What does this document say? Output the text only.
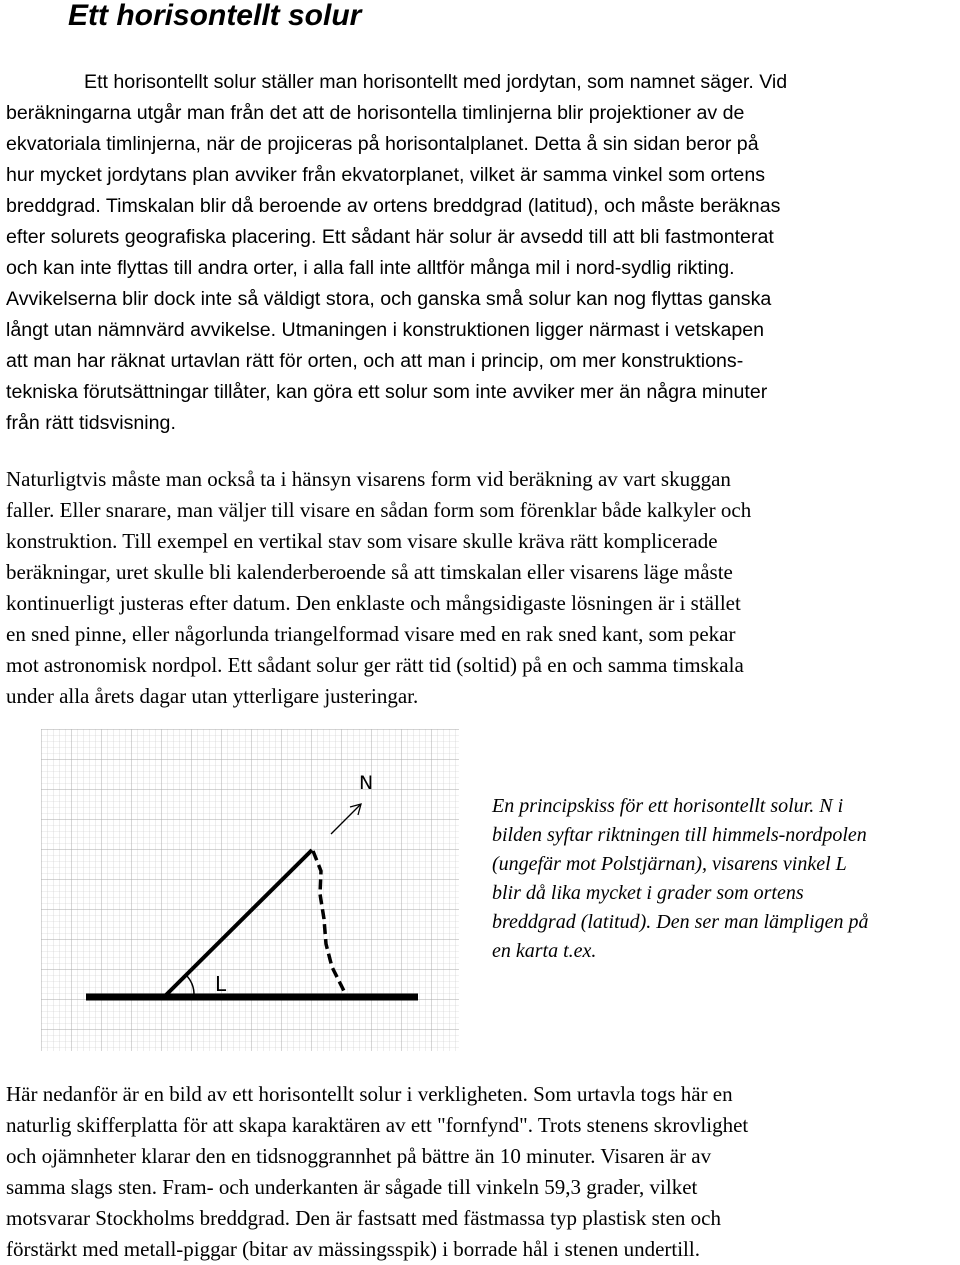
Ett horisontellt solur
Ett horisontellt solur ställer man horisontellt med jordytan, som namnet säger. Vid
beräkningarna utgår man från det att de horisontella timlinjerna blir projektioner av de
ekvatoriala timlinjerna, när de projiceras på horisontalplanet. Detta å sin sidan beror på
hur mycket jordytans plan avviker från ekvatorplanet, vilket är samma vinkel som ortens
breddgrad. Timskalan blir då beroende av ortens breddgrad (latitud), och måste beräknas
efter solurets geografiska placering. Ett sådant här solur är avsedd till att bli fastmonterat
och kan inte flyttas till andra orter, i alla fall inte alltför många mil i nord-sydlig rikting.
Avvikelserna blir dock inte så väldigt stora, och ganska små solur kan nog flyttas ganska
långt utan nämnvärd avvikelse. Utmaningen i konstruktionen ligger närmast i vetskapen
att man har räknat urtavlan rätt för orten, och att man i princip, om mer konstruktions-
tekniska förutsättningar tillåter, kan göra ett solur som inte avviker mer än några minuter
från rätt tidsvisning.
Naturligtvis måste man också ta i hänsyn visarens form vid beräkning av vart skuggan
faller. Eller snarare, man väljer till visare en sådan form som förenklar både kalkyler och
konstruktion. Till exempel en vertikal stav som visare skulle kräva rätt komplicerade
beräkningar, uret skulle bli kalenderberoende så att timskalan eller visarens läge måste
kontinuerligt justeras efter datum. Den enklaste och mångsidigaste lösningen är i stället
en sned pinne, eller någorlunda triangelformad visare med en rak sned kant, som pekar
mot astronomisk nordpol. Ett sådant solur ger rätt tid (soltid) på en och samma timskala
under alla årets dagar utan ytterligare justeringar.
N
L
En principskiss för ett horisontellt solur. N i
bilden syftar riktningen till himmels-nordpolen
(ungefär mot Polstjärnan), visarens vinkel L
blir då lika mycket i grader som ortens
breddgrad (latitud). Den ser man lämpligen på
en karta t.ex.
Här nedanför är en bild av ett horisontellt solur i verkligheten. Som urtavla togs här en
naturlig skifferplatta för att skapa karaktären av ett "fornfynd". Trots stenens skrovlighet
och ojämnheter klarar den en tidsnoggrannhet på bättre än 10 minuter. Visaren är av
samma slags sten. Fram- och underkanten är sågade till vinkeln 59,3 grader, vilket
motsvarar Stockholms breddgrad. Den är fastsatt med fästmassa typ plastisk sten och
förstärkt med metall-piggar (bitar av mässingsspik) i borrade hål i stenen undertill.
